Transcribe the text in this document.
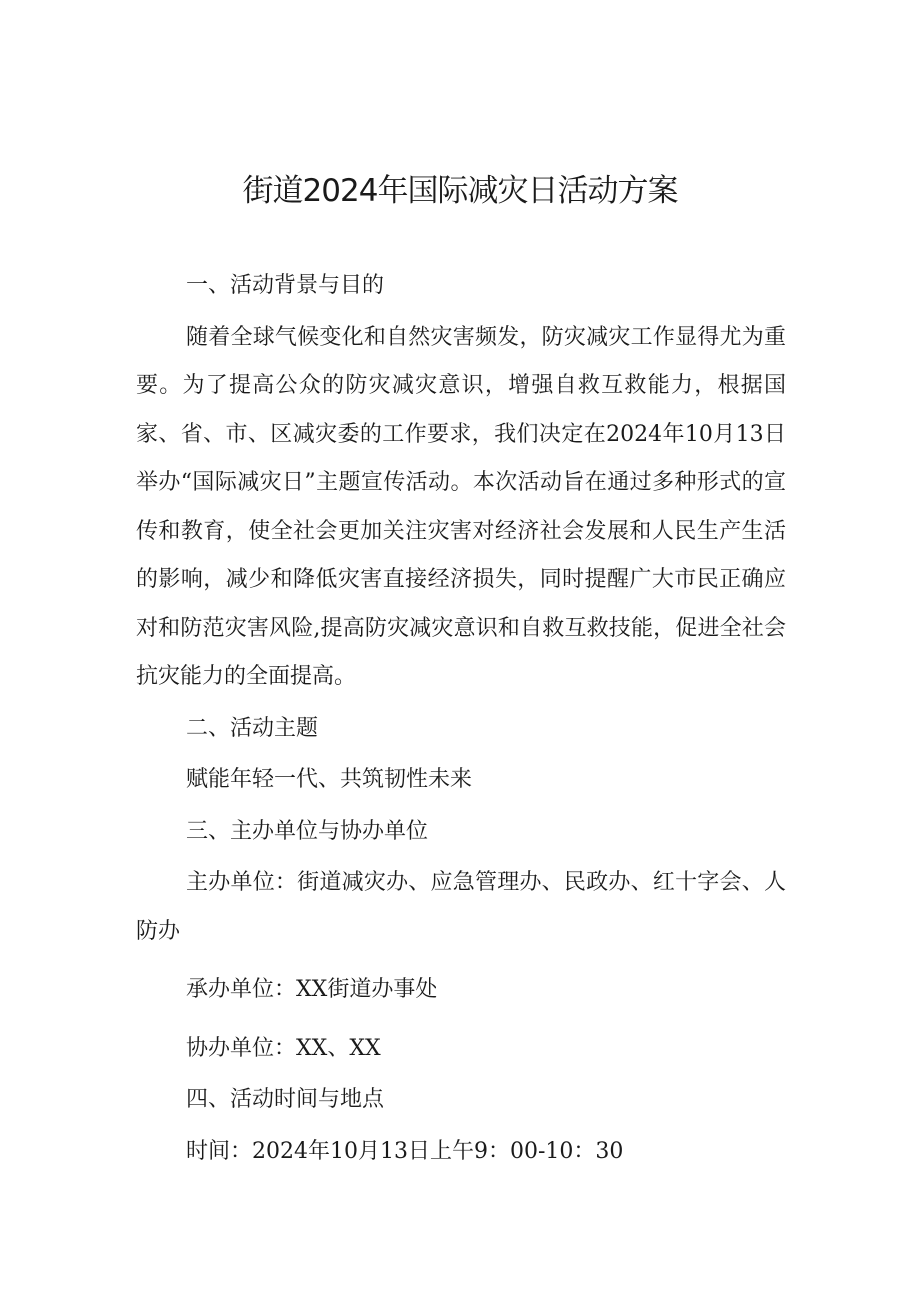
街道2024年国际减灾日活动方案

一、活动背景与目的

随着全球气候变化和自然灾害频发，防灾减灾工作显得尤为重要。为了提高公众的防灾减灾意识，增强自救互救能力，根据国家、省、市、区减灾委的工作要求，我们决定在2024年10月13日举办“国际减灾日”主题宣传活动。本次活动旨在通过多种形式的宣传和教育，使全社会更加关注灾害对经济社会发展和人民生产生活的影响，减少和降低灾害直接经济损失，同时提醒广大市民正确应对和防范灾害风险,提高防灾减灾意识和自救互救技能，促进全社会抗灾能力的全面提高。

二、活动主题

赋能年轻一代、共筑韧性未来

三、主办单位与协办单位

主办单位：街道减灾办、应急管理办、民政办、红十字会、人防办

承办单位：XX街道办事处

协办单位：XX、XX

四、活动时间与地点

时间：2024年10月13日上午9：00-10：30
